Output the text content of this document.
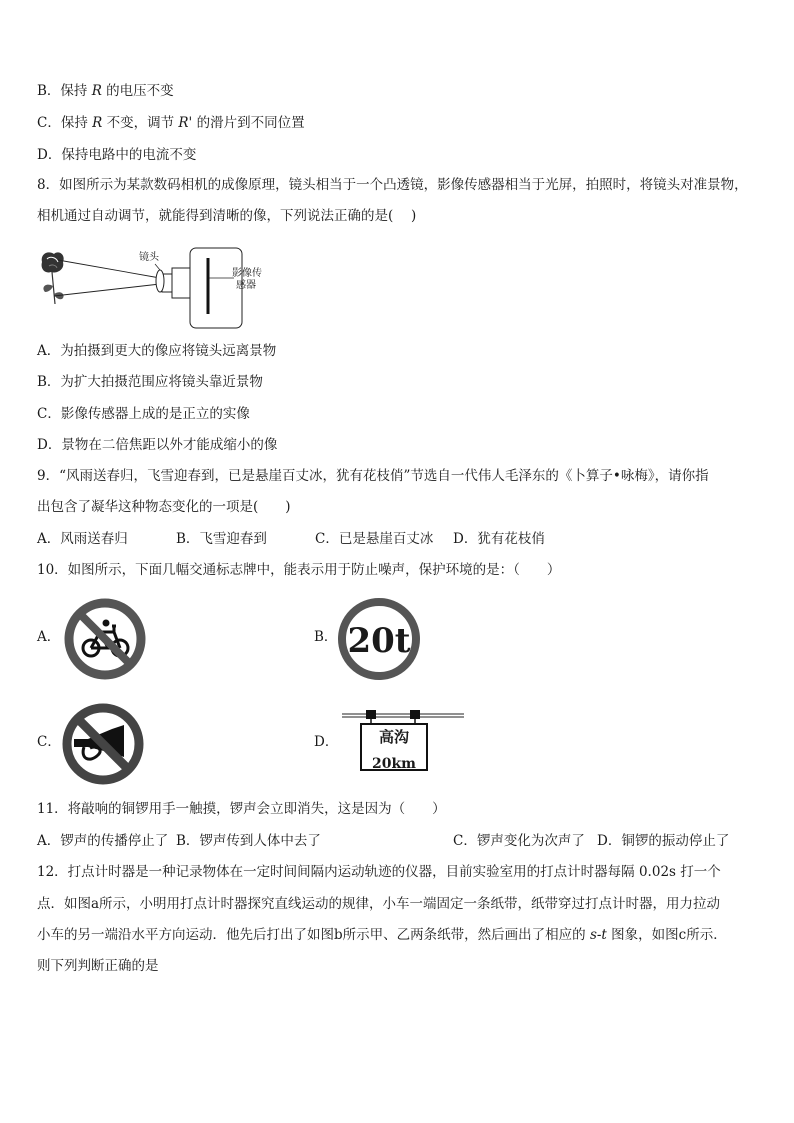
B．保持 R 的电压不变
C．保持 R 不变，调节 R' 的滑片到不同位置
D．保持电路中的电流不变
8．如图所示为某款数码相机的成像原理，镜头相当于一个凸透镜，影像传感器相当于光屏，拍照时，将镜头对准景物，
相机通过自动调节，就能得到清晰的像，下列说法正确的是(　 )
镜头
影像传
感器
A．为拍摄到更大的像应将镜头远离景物
B．为扩大拍摄范围应将镜头靠近景物
C．影像传感器上成的是正立的实像
D．景物在二倍焦距以外才能成缩小的像
9．“风雨送春归，飞雪迎春到，已是悬崖百丈冰，犹有花枝俏”节选自一代伟人毛泽东的《卜算子•咏梅》，请你指
出包含了凝华这种物态变化的一项是(　　)
A．风雨送春归	B．飞雪迎春到	C．已是悬崖百丈冰 D．犹有花枝俏
10．如图所示，下面几幅交通标志牌中，能表示用于防止噪声，保护环境的是：（　　）
A．	B． 20t
C．	D．	高沟
20km
11．将敲响的铜锣用手一触摸，锣声会立即消失，这是因为（　　）
A．锣声的传播停止了 B．锣声传到人体中去了	C．锣声变化为次声了 D．铜锣的振动停止了
12．打点计时器是一种记录物体在一定时间间隔内运动轨迹的仪器，目前实验室用的打点计时器每隔 0.02s 打一个
点．如图a所示，小明用打点计时器探究直线运动的规律，小车一端固定一条纸带，纸带穿过打点计时器，用力拉动
小车的另一端沿水平方向运动．他先后打出了如图b所示甲、乙两条纸带，然后画出了相应的 s-t 图象，如图c所示．
则下列判断正确的是
